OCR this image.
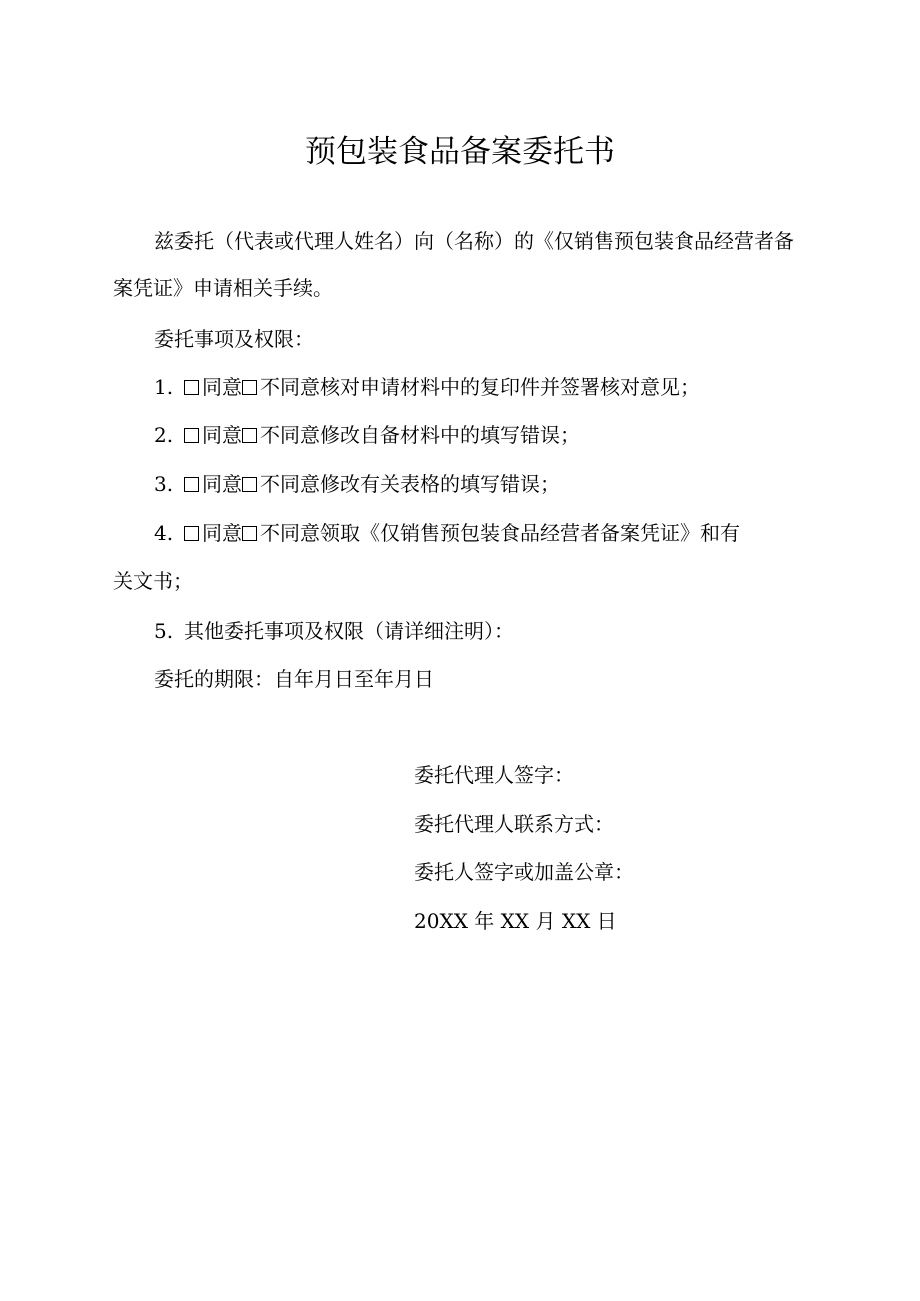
预包装食品备案委托书

兹委托（代表或代理人姓名）向（名称）的《仅销售预包装食品经营者备案凭证》申请相关手续。

委托事项及权限：

1. 同意 不同意核对申请材料中的复印件并签署核对意见；

2. 同意 不同意修改自备材料中的填写错误；

3. 同意 不同意修改有关表格的填写错误；

4. 同意 不同意领取《仅销售预包装食品经营者备案凭证》和有

关文书；

5. 其他委托事项及权限（请详细注明）：

委托的期限：自年月日至年月日

委托代理人签字：

委托代理人联系方式：

委托人签字或加盖公章：

20XX 年 XX 月 XX 日
